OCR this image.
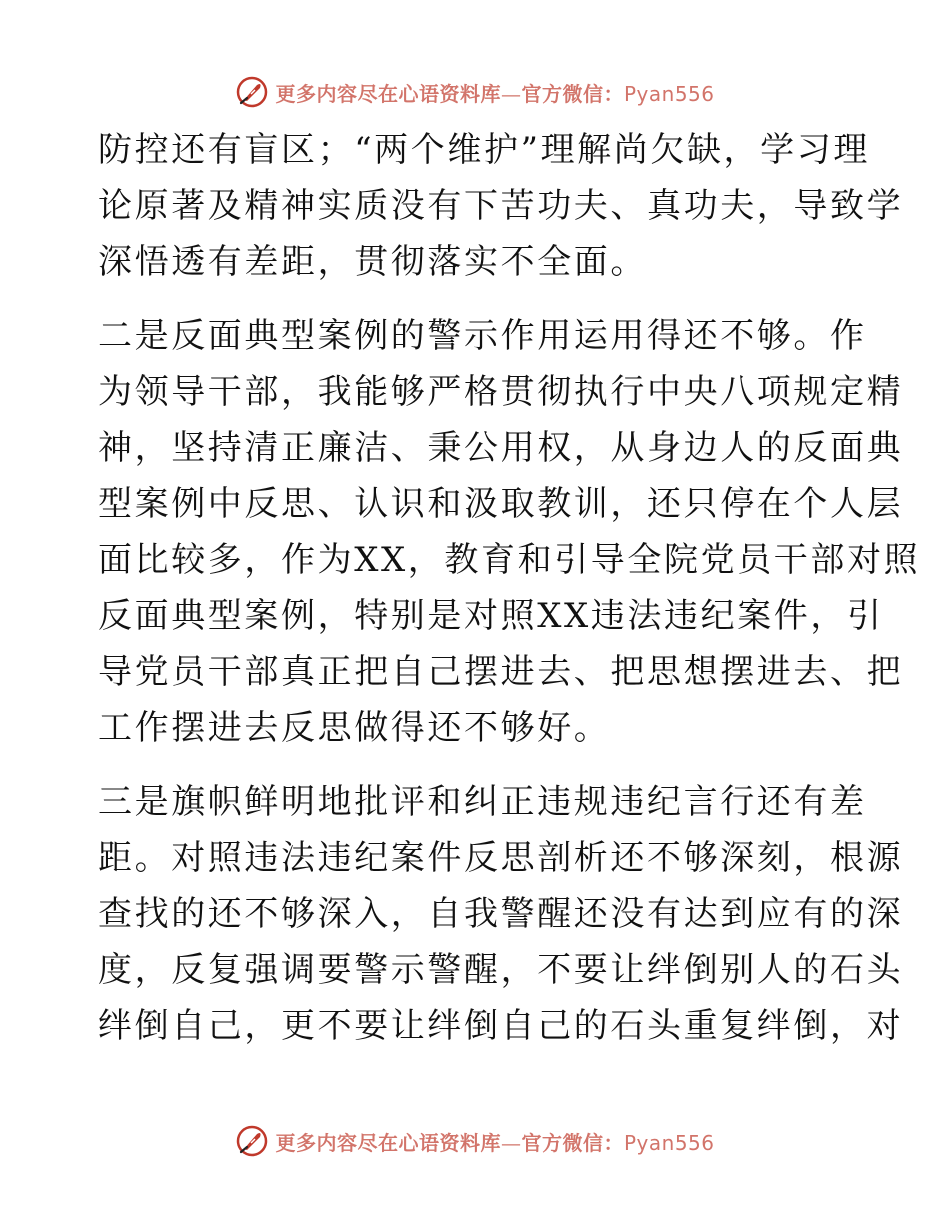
更多内容尽在心语资料库—官方微信：Pyan556
防控还有盲区；“两个维护”理解尚欠缺，学习理
论原著及精神实质没有下苦功夫、真功夫，导致学
深悟透有差距，贯彻落实不全面。
二是反面典型案例的警示作用运用得还不够。作
为领导干部，我能够严格贯彻执行中央八项规定精
神，坚持清正廉洁、秉公用权，从身边人的反面典
型案例中反思、认识和汲取教训，还只停在个人层
面比较多，作为XX，教育和引导全院党员干部对照
反面典型案例，特别是对照XX违法违纪案件，引
导党员干部真正把自己摆进去、把思想摆进去、把
工作摆进去反思做得还不够好。
三是旗帜鲜明地批评和纠正违规违纪言行还有差
距。对照违法违纪案件反思剖析还不够深刻，根源
查找的还不够深入，自我警醒还没有达到应有的深
度，反复强调要警示警醒，不要让绊倒别人的石头
绊倒自己，更不要让绊倒自己的石头重复绊倒，对
更多内容尽在心语资料库—官方微信：Pyan556
